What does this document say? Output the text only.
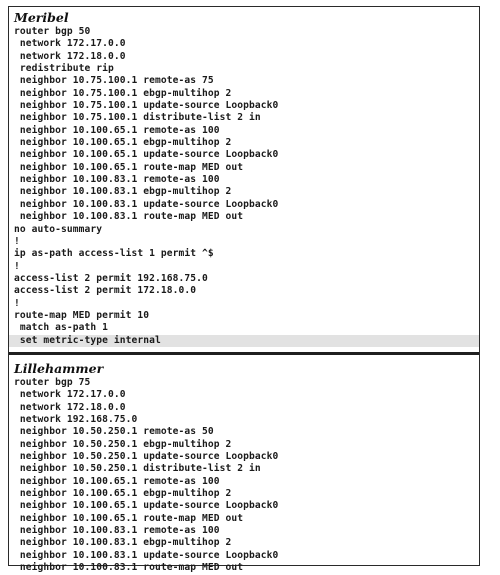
Meribel
router bgp 50
network 172.17.0.0
network 172.18.0.0
redistribute rip
neighbor 10.75.100.1 remote-as 75
neighbor 10.75.100.1 ebgp-multihop 2
neighbor 10.75.100.1 update-source Loopback0
neighbor 10.75.100.1 distribute-list 2 in
neighbor 10.100.65.1 remote-as 100
neighbor 10.100.65.1 ebgp-multihop 2
neighbor 10.100.65.1 update-source Loopback0
neighbor 10.100.65.1 route-map MED out
neighbor 10.100.83.1 remote-as 100
neighbor 10.100.83.1 ebgp-multihop 2
neighbor 10.100.83.1 update-source Loopback0
neighbor 10.100.83.1 route-map MED out
no auto-summary
!
ip as-path access-list 1 permit ^$
!
access-list 2 permit 192.168.75.0
access-list 2 permit 172.18.0.0
!
route-map MED permit 10
match as-path 1
set metric-type internal
Lillehammer
router bgp 75
network 172.17.0.0
network 172.18.0.0
network 192.168.75.0
neighbor 10.50.250.1 remote-as 50
neighbor 10.50.250.1 ebgp-multihop 2
neighbor 10.50.250.1 update-source Loopback0
neighbor 10.50.250.1 distribute-list 2 in
neighbor 10.100.65.1 remote-as 100
neighbor 10.100.65.1 ebgp-multihop 2
neighbor 10.100.65.1 update-source Loopback0
neighbor 10.100.65.1 route-map MED out
neighbor 10.100.83.1 remote-as 100
neighbor 10.100.83.1 ebgp-multihop 2
neighbor 10.100.83.1 update-source Loopback0
neighbor 10.100.83.1 route-map MED out
